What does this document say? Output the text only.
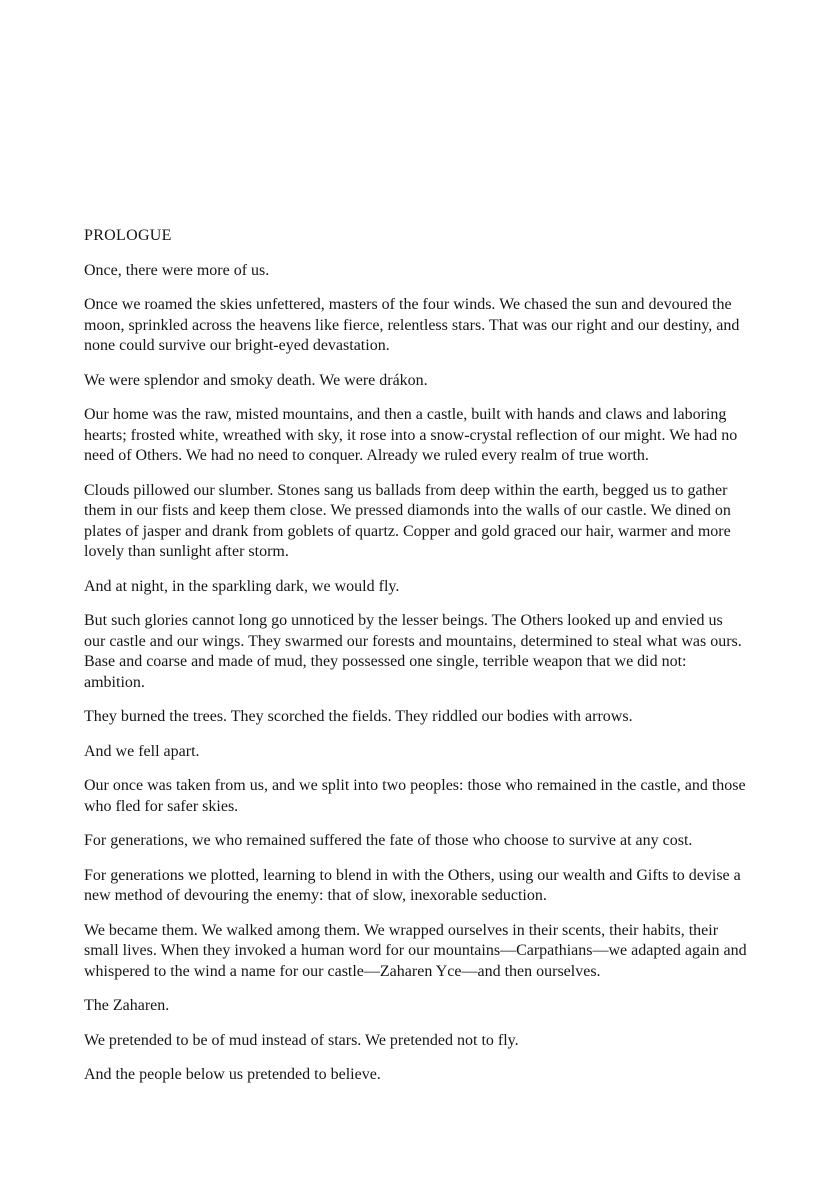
PROLOGUE

Once, there were more of us.

Once we roamed the skies unfettered, masters of the four winds. We chased the sun and devoured the moon, sprinkled across the heavens like fierce, relentless stars. That was our right and our destiny, and none could survive our bright-eyed devastation.

We were splendor and smoky death. We were drákon.

Our home was the raw, misted mountains, and then a castle, built with hands and claws and laboring hearts; frosted white, wreathed with sky, it rose into a snow-crystal reflection of our might. We had no need of Others. We had no need to conquer. Already we ruled every realm of true worth.

Clouds pillowed our slumber. Stones sang us ballads from deep within the earth, begged us to gather them in our fists and keep them close. We pressed diamonds into the walls of our castle. We dined on plates of jasper and drank from goblets of quartz. Copper and gold graced our hair, warmer and more lovely than sunlight after storm.

And at night, in the sparkling dark, we would fly.

But such glories cannot long go unnoticed by the lesser beings. The Others looked up and envied us our castle and our wings. They swarmed our forests and mountains, determined to steal what was ours. Base and coarse and made of mud, they possessed one single, terrible weapon that we did not: ambition.

They burned the trees. They scorched the fields. They riddled our bodies with arrows.

And we fell apart.

Our once was taken from us, and we split into two peoples: those who remained in the castle, and those who fled for safer skies.

For generations, we who remained suffered the fate of those who choose to survive at any cost.

For generations we plotted, learning to blend in with the Others, using our wealth and Gifts to devise a new method of devouring the enemy: that of slow, inexorable seduction.

We became them. We walked among them. We wrapped ourselves in their scents, their habits, their small lives. When they invoked a human word for our mountains—Carpathians—we adapted again and whispered to the wind a name for our castle—Zaharen Yce—and then ourselves.

The Zaharen.

We pretended to be of mud instead of stars. We pretended not to fly.

And the people below us pretended to believe.
